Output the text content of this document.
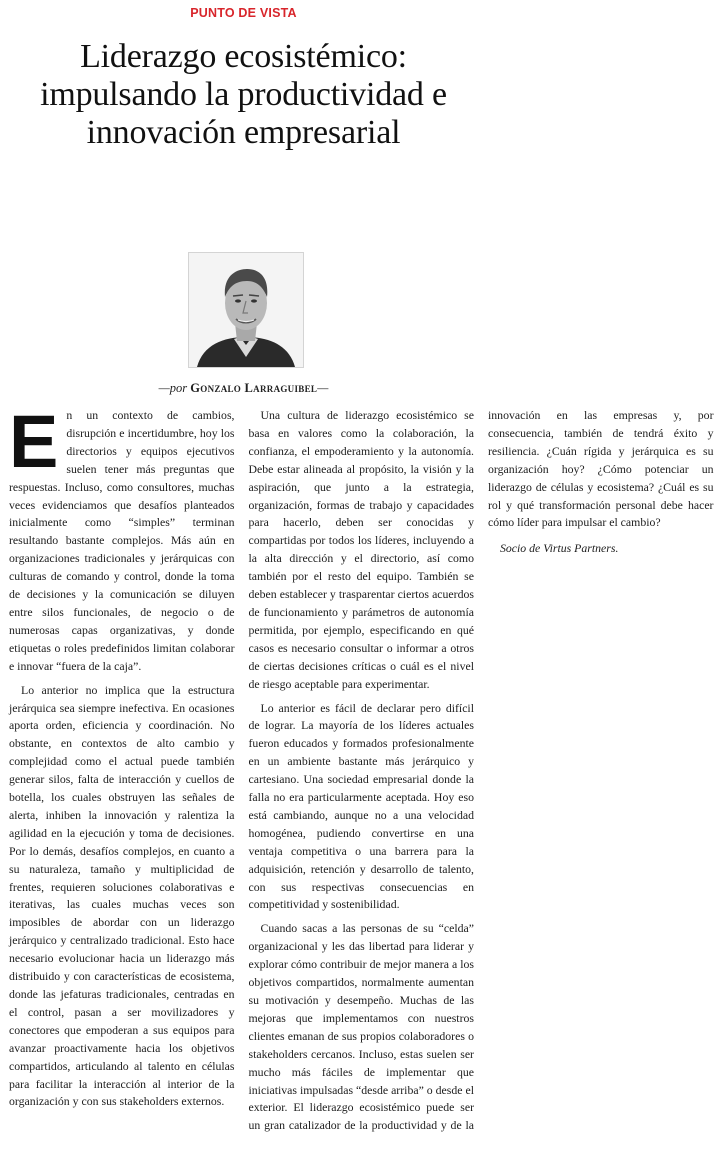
PUNTO DE VISTA
Liderazgo ecosistémico: impulsando la productividad e innovación empresarial
—por Gonzalo Larraguibel—

En un contexto de cambios, disrupción e incertidumbre, hoy los directorios y equipos ejecutivos suelen tener más preguntas que respuestas. Incluso, como consultores, muchas veces evidenciamos que desafíos planteados inicialmente como “simples” terminan resultando bastante complejos. Más aún en organizaciones tradicionales y jerárquicas con culturas de comando y control, donde la toma de decisiones y la comunicación se diluyen entre silos funcionales, de negocio o de numerosas capas organizativas, y donde etiquetas o roles predefinidos limitan colaborar e innovar “fuera de la caja”.

Lo anterior no implica que la estructura jerárquica sea siempre inefectiva. En ocasiones aporta orden, eficiencia y coordinación. No obstante, en contextos de alto cambio y complejidad como el actual puede también generar silos, falta de interacción y cuellos de botella, los cuales obstruyen las señales de alerta, inhiben la innovación y ralentiza la agilidad en la ejecución y toma de decisiones. Por lo demás, desafíos complejos, en cuanto a su naturaleza, tamaño y multiplicidad de frentes, requieren soluciones colaborativas e iterativas, las cuales muchas veces son imposibles de abordar con un liderazgo jerárquico y centralizado tradicional. Esto hace necesario evolucionar hacia un liderazgo más distribuido y con características de ecosistema, donde las jefaturas tradicionales, centradas en el control, pasan a ser movilizadores y conectores que empoderan a sus equipos para avanzar proactivamente hacia los objetivos compartidos, articulando al talento en células para facilitar la interacción al interior de la organización y con sus stakeholders externos.

Una cultura de liderazgo ecosistémico se basa en valores como la colaboración, la confianza, el empoderamiento y la autonomía. Debe estar alineada al propósito, la visión y la aspiración, que junto a la estrategia, organización, formas de trabajo y capacidades para hacerlo, deben ser conocidas y compartidas por todos los líderes, incluyendo a la alta dirección y el directorio, así como también por el resto del equipo. También se deben establecer y trasparentar ciertos acuerdos de funcionamiento y parámetros de autonomía permitida, por ejemplo, especificando en qué casos es necesario consultar o informar a otros de ciertas decisiones críticas o cuál es el nivel de riesgo aceptable para experimentar.

Lo anterior es fácil de declarar pero difícil de lograr. La mayoría de los líderes actuales fueron educados y formados profesionalmente en un ambiente bastante más jerárquico y cartesiano. Una sociedad empresarial donde la falla no era particularmente aceptada. Hoy eso está cambiando, aunque no a una velocidad homogénea, pudiendo convertirse en una ventaja competitiva o una barrera para la adquisición, retención y desarrollo de talento, con sus respectivas consecuencias en competitividad y sostenibilidad.

Cuando sacas a las personas de su “celda” organizacional y les das libertad para liderar y explorar cómo contribuir de mejor manera a los objetivos compartidos, normalmente aumentan su motivación y desempeño. Muchas de las mejoras que implementamos con nuestros clientes emanan de sus propios colaboradores o stakeholders cercanos. Incluso, estas suelen ser mucho más fáciles de implementar que iniciativas impulsadas “desde arriba” o desde el exterior. El liderazgo ecosistémico puede ser un gran catalizador de la productividad y de la innovación en las empresas y, por consecuencia, también de tendrá éxito y resiliencia. ¿Cuán rígida y jerárquica es su organización hoy? ¿Cómo potenciar un liderazgo de células y ecosistema? ¿Cuál es su rol y qué transformación personal debe hacer cómo líder para impulsar el cambio?

Socio de Virtus Partners.
